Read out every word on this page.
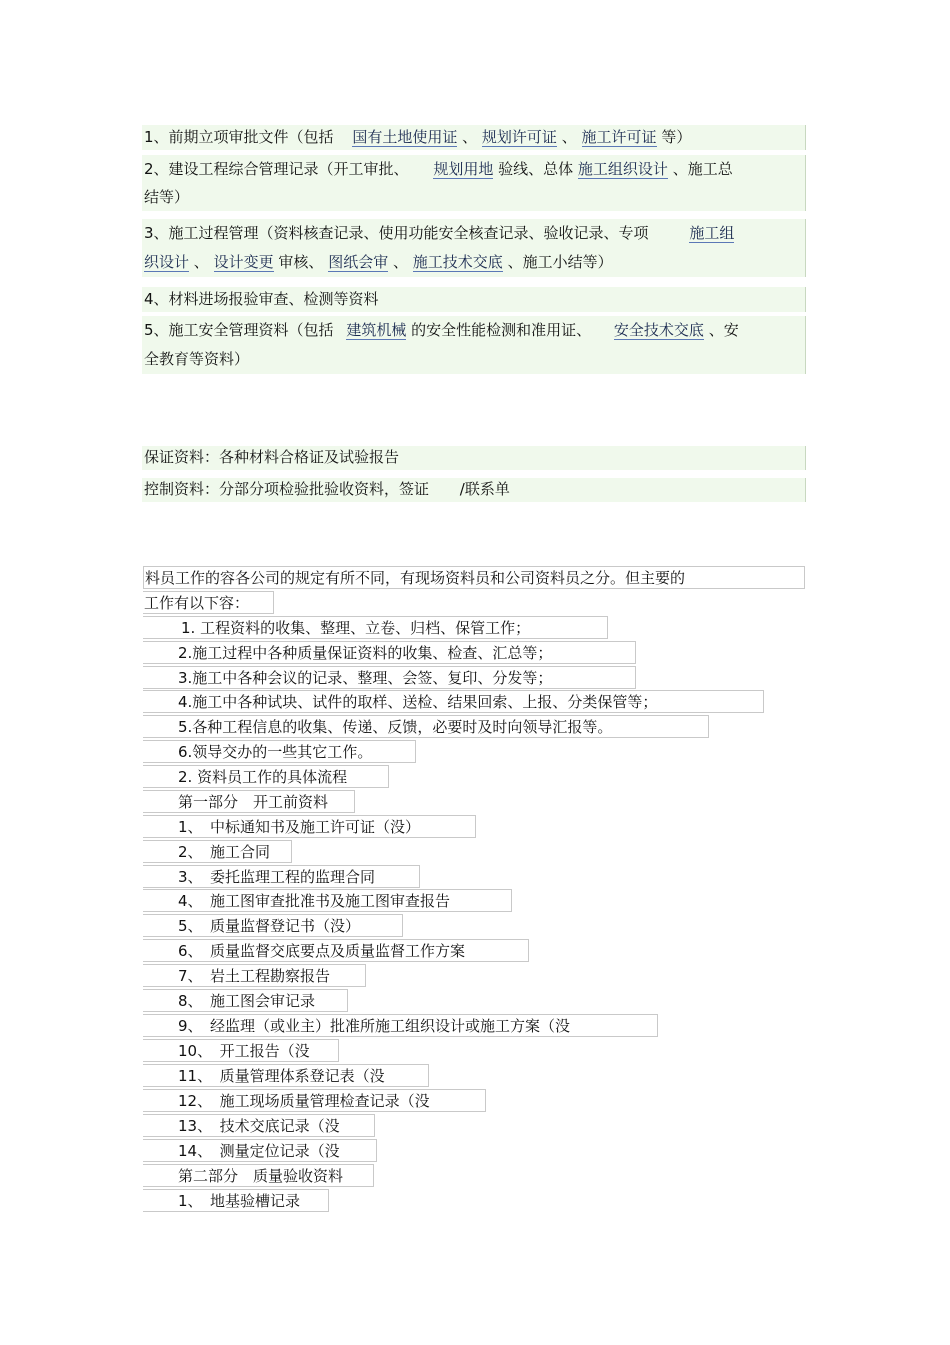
1、前期立项审批文件（包括 国有土地使用证 、 规划许可证 、 施工许可证 等）
2、建设工程综合管理记录（开工审批、 规划用地 验线、总体 施工组织设计 、施工总
结等）
3、施工过程管理（资料核查记录、使用功能安全核查记录、验收记录、专项	施工组
织设计 、 设计变更 审核、 图纸会审 、 施工技术交底 、施工小结等）
4、材料进场报验审查、检测等资料
5、施工安全管理资料（包括 建筑机械 的安全性能检测和准用证、 安全技术交底 、安
全教育等资料）
保证资料：各种材料合格证及试验报告
控制资料：分部分项检验批验收资料，签证 /联系单
料员工作的容各公司的规定有所不同，有现场资料员和公司资料员之分。但主要的
工作有以下容：
1. 工程资料的收集、整理、立卷、归档、保管工作；
2.施工过程中各种质量保证资料的收集、检查、汇总等；
3.施工中各种会议的记录、整理、会签、复印、分发等；
4.施工中各种试块、试件的取样、送检、结果回索、上报、分类保管等；
5.各种工程信息的收集、传递、反馈，必要时及时向领导汇报等。
6.领导交办的一些其它工作。
2. 资料员工作的具体流程
第一部分　开工前资料
1、　中标通知书及施工许可证（没）
2、　施工合同
3、　委托监理工程的监理合同
4、　施工图审查批准书及施工图审查报告
5、　质量监督登记书（没）
6、　质量监督交底要点及质量监督工作方案
7、　岩土工程勘察报告
8、　施工图会审记录
9、　经监理（或业主）批准所施工组织设计或施工方案（没
10、　开工报告（没
11、　质量管理体系登记表（没
12、　施工现场质量管理检查记录（没
13、　技术交底记录（没
14、　测量定位记录（没
第二部分　质量验收资料
1、　地基验槽记录
